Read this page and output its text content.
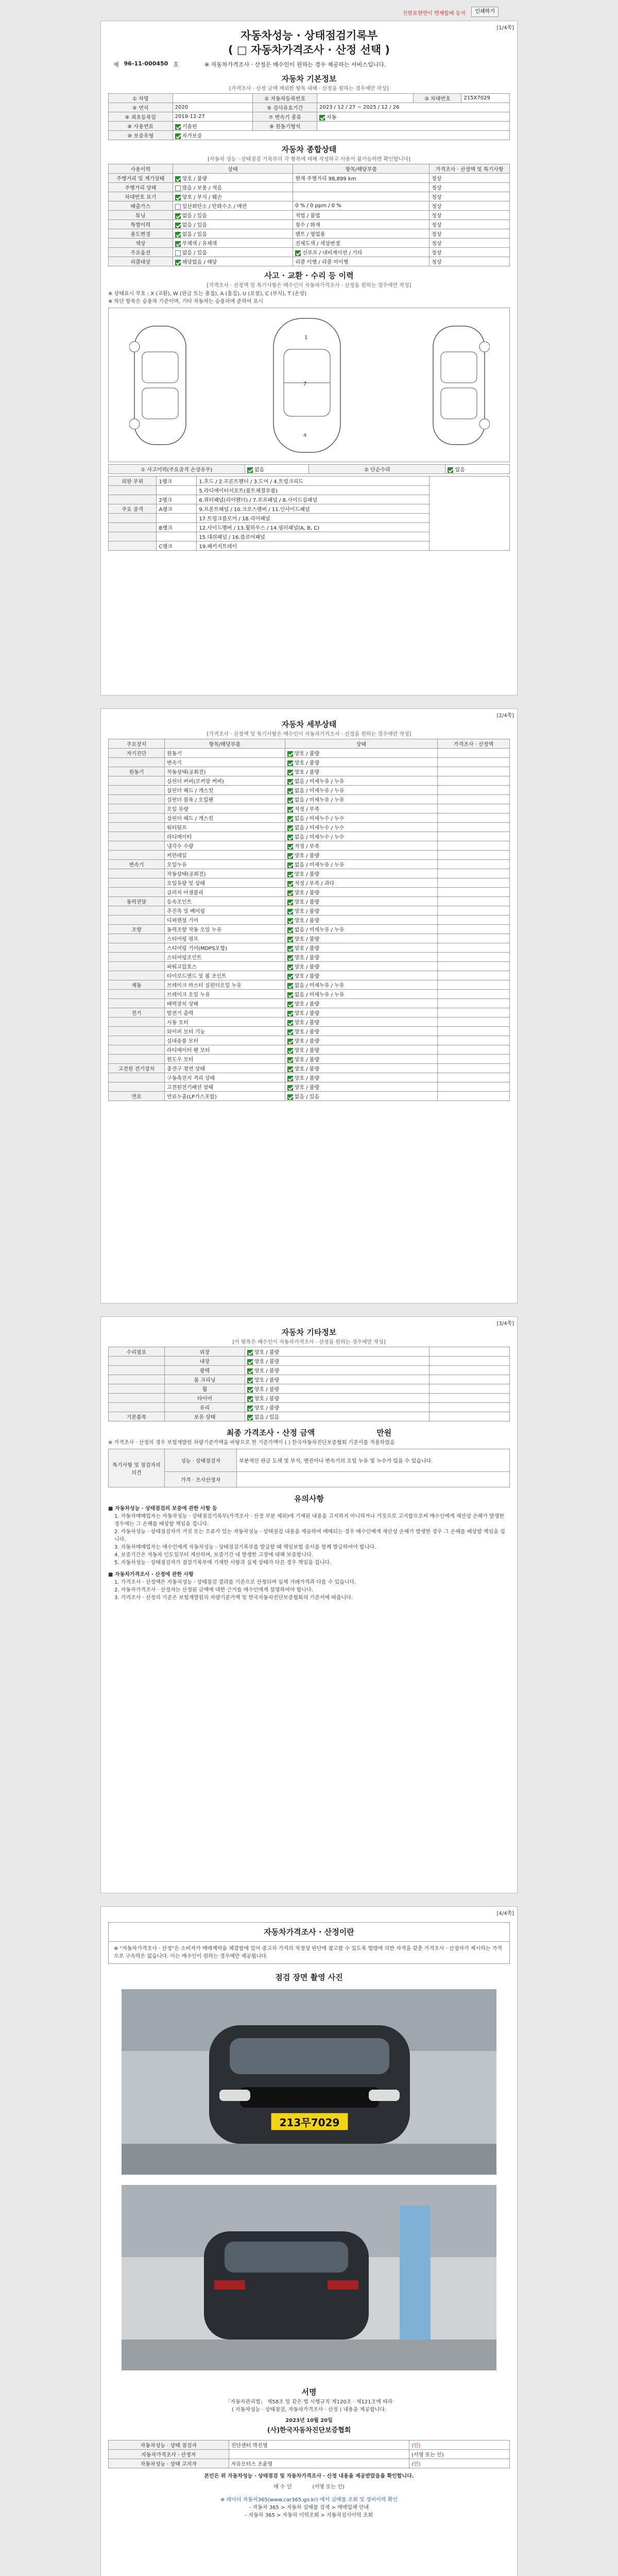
진한표현면이 면제할배 등지	인쇄하기
[1/4쪽]
자동차성능 · 상태점검기록부
( □ 자동차가격조사 · 산정 선택 )
제 96-11-000450 호	※ 자동차가격조사 · 산정은 매수인이 원하는 경우 제공하는 서비스입니다.
자동차 기본정보
[가격조사 · 산정 금액 제외한 항목 대해 · 산정을 원하는 경우에만 작성]
① 차명		② 자동차등록번호		③ 차대번호	215X7029
④ 연식	2020	⑤ 검사유효기간	2023 / 12 / 27 ~ 2025 / 12 / 26		
⑥ 최초등록일	2019-12-27	⑦ 변속기 종류	자동		
⑧ 사용연료	기솔린	⑨ 원동기형식			
⑩ 보증유형	자가보증				
자동차 종합상태
[자동차 성능 · 상태점검 기록부의 각 항목에 대해 작성하고 사용이 불가능하면 확인합니다]
사용이력	상태	항목/해당부품	가격조사 · 산정액 및 특기사항
주행거리 및 계기상태	양호 / 불량	현재 주행거리 98,899 km	정상
주행거리 상태	많음 / 보통 / 적음		정상
차대번호 표기	양호 / 부식 / 훼손		정상
배출가스	일산화탄소 / 탄화수소 / 매연	0 % / 0 ppm / 0 %	정상
튜닝	없음 / 있음	적법 / 불법	정상
특별이력	없음 / 있음	침수 / 화재	정상
용도변경	없음 / 있음	렌트 / 영업용	정상
색상	무채색 / 유채색	전체도색 / 색상변경	정상
주요옵션	없음 / 있음	선루프 / 내비게이션 / 기타	정상
리콜대상	해당없음 / 해당	리콜 이행 / 리콜 미이행	정상
사고 · 교환 · 수리 등 이력
[가격조사 · 산정액 및 특기사항은 매수인이 자동차가격조사 · 산정을 원하는 경우에만 작성]
※ 상태표시 부호 : X (교환), W (판금 또는 용접), A (흠집), U (요철), C (부식), T (손상)
※ 하단 항목은 승용차 기준이며, 기타 자동차는 승용차에 준하여 표시
1
7
4
① 사고이력(주요골격 손상유무)	없음	② 단순수리	없음
외판 부위	1랭크	1.후드 / 2.프론트펜더 / 3.도어 / 4.트렁크리드	
		5.라디에이터서포트(볼트체결부품)	
	2랭크	6.쿼터패널(리어펜더) / 7.루프패널 / 8.사이드실패널	
주요 골격	A랭크	9.프론트패널 / 10.크로스멤버 / 11.인사이드패널	
		17.트렁크플로어 / 18.리어패널	
	B랭크	12.사이드멤버 / 13.휠하우스 / 14.필러패널(A, B, C)	
		15.대쉬패널 / 16.플로어패널	
	C랭크	19.패키지트레이	
[2/4쪽]
자동차 세부상태
[가격조사 · 산정액 및 특기사항은 매수인이 자동차가격조사 · 산정을 원하는 경우에만 작성]
주요장치	항목/해당부품	상태	가격조사 · 산정액
자기진단	원동기	양호 / 불량	
	변속기	양호 / 불량	
원동기	작동상태(공회전)	양호 / 불량	
	실린더 커버(로커암 커버)	없음 / 미세누유 / 누유	
	실린더 헤드 / 개스킷	없음 / 미세누유 / 누유	
	실린더 블록 / 오일팬	없음 / 미세누유 / 누유	
	오일 유량	적정 / 부족	
	실린더 헤드 / 개스킷	없음 / 미세누수 / 누수	
	워터펌프	없음 / 미세누수 / 누수	
	라디에이터	없음 / 미세누수 / 누수	
	냉각수 수량	적정 / 부족	
	커먼레일	양호 / 불량	
변속기	오일누유	없음 / 미세누유 / 누유	
	작동상태(공회전)	양호 / 불량	
	오일유량 및 상태	적정 / 부족 / 과다	
	클러치 어셈블리	양호 / 불량	
동력전달	등속조인트	양호 / 불량	
	추진축 및 베어링	양호 / 불량	
	디퍼렌셜 기어	양호 / 불량	
조향	동력조향 작동 오일 누유	없음 / 미세누유 / 누유	
	스티어링 펌프	양호 / 불량	
	스티어링 기어(MDPS포함)	양호 / 불량	
	스티어링조인트	양호 / 불량	
	파워고압호스	양호 / 불량	
	타이로드엔드 및 볼 조인트	양호 / 불량	
제동	브레이크 마스터 실린더오일 누유	없음 / 미세누유 / 누유	
	브레이크 오일 누유	없음 / 미세누유 / 누유	
	배력장치 상태	양호 / 불량	
전기	발전기 출력	양호 / 불량	
	시동 모터	양호 / 불량	
	와이퍼 모터 기능	양호 / 불량	
	실내송풍 모터	양호 / 불량	
	라디에이터 팬 모터	양호 / 불량	
	윈도우 모터	양호 / 불량	
고전원 전기장치	충전구 절연 상태	양호 / 불량	
	구동축전지 격리 상태	양호 / 불량	
	고전원전기배선 상태	양호 / 불량	
연료	연료누출(LP가스포함)	없음 / 있음	
[3/4쪽]
자동차 기타정보
[이 항목은 매수인이 자동차가격조사 · 산정을 원하는 경우에만 작성]
수리필요	외장	양호 / 불량	
	내장	양호 / 불량	
	광택	양호 / 불량	
	룸 크리닝	양호 / 불량	
	휠	양호 / 불량	
	타이어	양호 / 불량	
	유리	양호 / 불량	
기본품목	보유 상태	없음 / 있음	
최종 가격조사 · 산정 금액	만원
※ 가격조사 · 산정의 경우 보험개발원 차량기준가액을 바탕으로 한 기준가액이 ( ) 한국자동차진단보증협회 기준서를 적용하였음
특기사항 및 점검자의 의견	성능 · 상태점검자	부분적인 판금 도색 및 부식, 엔진이나 변속기의 오일 누유 및 누수가 있을 수 있습니다.
	가격 · 조사산정자	
유의사항
■ 자동차성능 · 상태점검의 보증에 관한 사항 등

1. 자동차매매업자는 자동차성능 · 상태점검기록부(가격조사 · 산정 부분 제외)에 기재된 내용을 고지하지 아니하거나 거짓으로 고지함으로써 매수인에게 재산상 손해가 발생한 경우에는 그 손해를 배상할 책임을 집니다.

2. 자동차성능 · 상태점검자가 거짓 또는 오류가 있는 자동차성능 · 상태점검 내용을 제공하여 매매되는 경우 매수인에게 재산상 손해가 발생한 경우 그 손해를 배상할 책임을 집니다.

3. 자동차매매업자는 매수인에게 자동차성능 · 상태점검기록부를 발급할 때 책임보험 증서를 함께 발급하여야 합니다.

4. 보증기간은 자동차 인도일부터 계산하며, 보증기간 내 발생한 고장에 대해 보증합니다.

5. 자동차성능 · 상태점검자가 점검기록부에 기재한 사항과 실제 상태가 다른 경우 책임을 집니다.

■ 자동차가격조사 · 산정에 관한 사항

1. 가격조사 · 산정액은 자동차성능 · 상태점검 결과를 기준으로 산정되며 실제 거래가격과 다를 수 있습니다.

2. 자동차가격조사 · 산정자는 산정된 금액에 대한 근거를 매수인에게 설명하여야 합니다.

3. 가격조사 · 산정의 기준은 보험개발원의 차량기준가액 및 한국자동차진단보증협회의 기준서에 따릅니다.

[4/4쪽]
자동차가격조사 · 산정이란
※ "자동차가격조사 · 산정"은 소비자가 매매계약을 체결함에 있어 중고차 가격의 적정성 판단에 참고할 수 있도록 법령에 의한 자격을 갖춘 가격조사 · 산정자가 제시하는 가격으로 구속력은 없습니다. 이는 매수인이 원하는 경우에만 제공됩니다.
점검 장면 촬영 사진
213무7029
서명
「자동차관리법」 제58조 및 같은 법 시행규칙 제120조 · 제121조에 따라
( 자동차성능 · 상태점검, 자동차가격조사 · 산정 ) 내용을 제공합니다.
2023년 10월 20일
(사)한국자동차진단보증협회
자동차성능 · 상태 점검자	진단센터 박진영	(인)
자동차가격조사 · 산정자		(서명 또는 인)
자동차성능 · 상태 고지자	자유모터스 조윤영	(인)
본인은 위 자동차성능 · 상태점검 및 자동차가격조사 · 산정 내용을 제공받았음을 확인합니다.
매 수 인	(서명 또는 인)
※ 레이더 자동차365(www.car365.go.kr) 에서 실매물 조회 및 정비이력 확인
- 자동차 365 > 자동차 실매물 검색 > 매매업체 안내
- 자동차 365 > 자동차 이력조회 > 자동차검사이력 조회
